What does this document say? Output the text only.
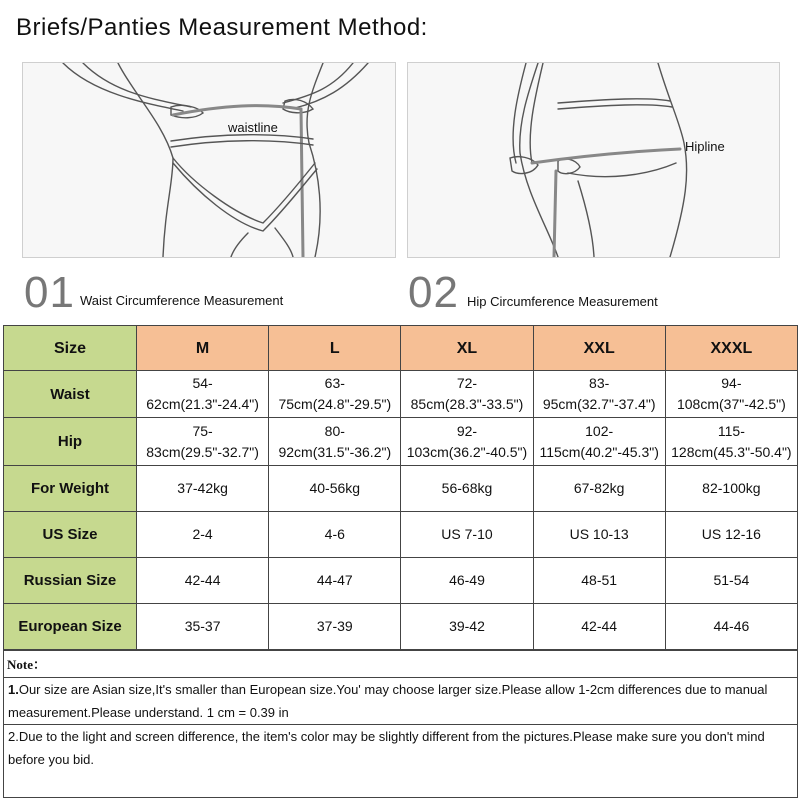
Briefs/Panties Measurement Method:
waistline
Hipline
01 Waist Circumference Measurement	02 Hip Circumference Measurement
Size	M	L	XL	XXL	XXXL
Waist	54-62cm(21.3"-24.4")	63-75cm(24.8"-29.5")	72-85cm(28.3"-33.5")	83-95cm(32.7"-37.4")	94-108cm(37"-42.5")
Hip	75-83cm(29.5"-32.7")	80-92cm(31.5"-36.2")	92-103cm(36.2"-40.5")	102-115cm(40.2"-45.3")	115-128cm(45.3"-50.4")
For Weight	37-42kg	40-56kg	56-68kg	67-82kg	82-100kg
US Size	2-4	4-6	US 7-10	US 10-13	US 12-16
Russian Size	42-44	44-47	46-49	48-51	51-54
European Size	35-37	37-39	39-42	42-44	44-46
Note：

1.Our size are Asian size,It's smaller than European size.You' may choose larger size.Please allow 1-2cm differences due to manual measurement.Please understand. 1 cm = 0.39 in

2.Due to the light and screen difference, the item's color may be slightly different from the pictures.Please make sure you don't mind before you bid.
